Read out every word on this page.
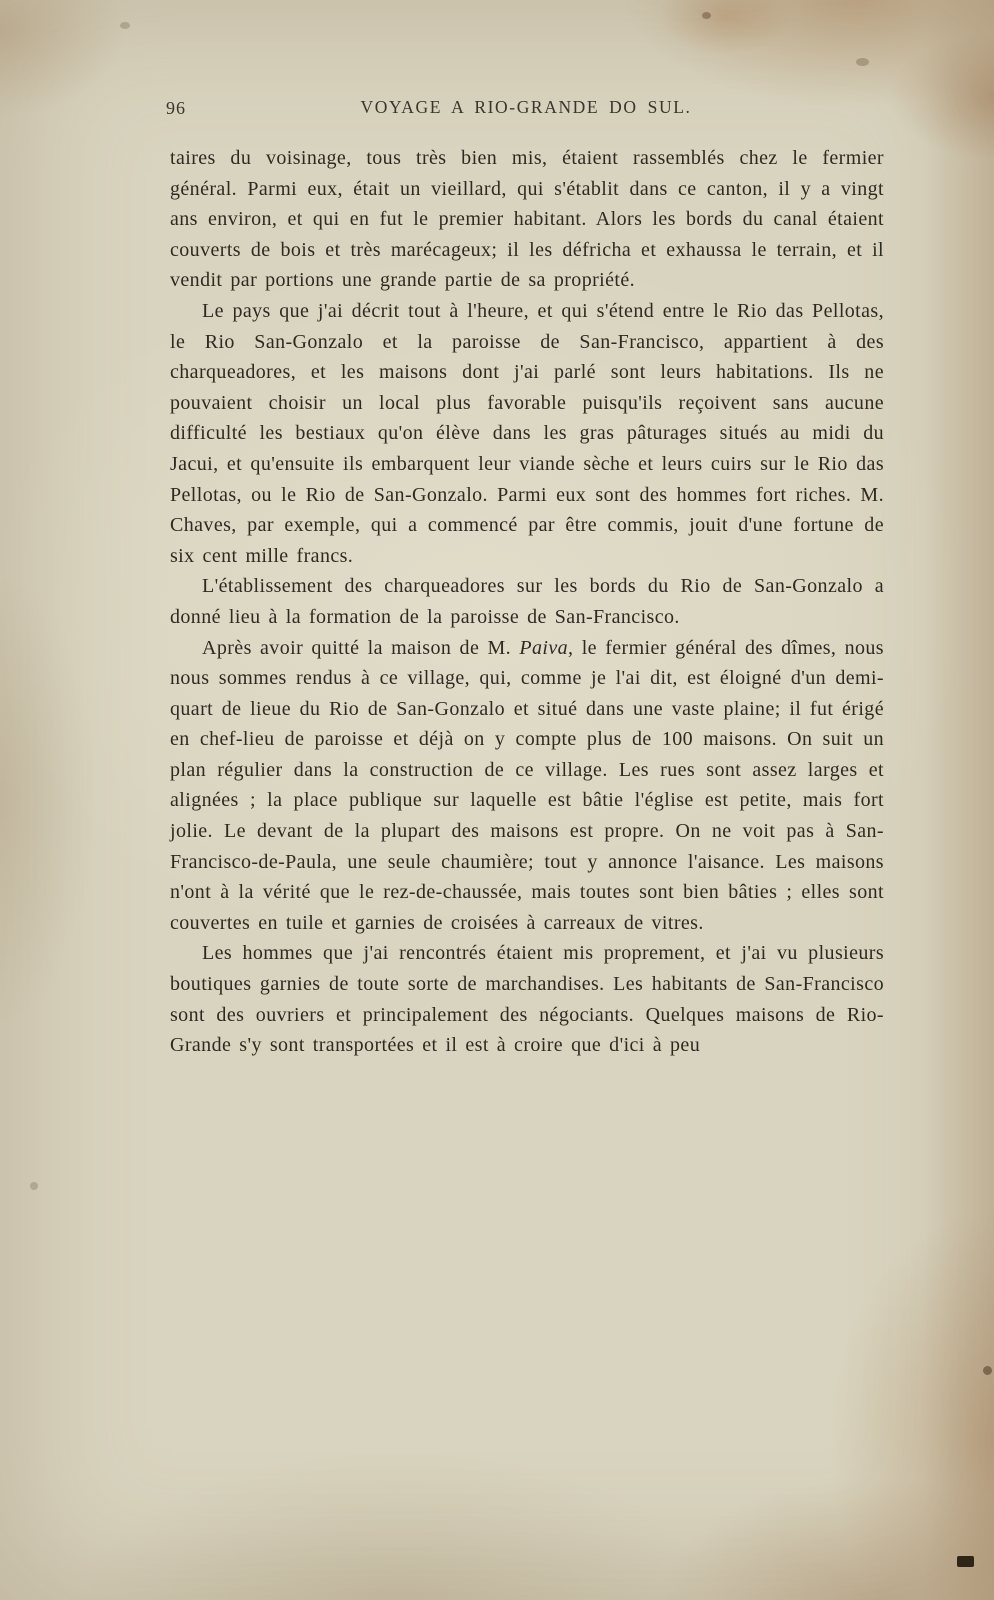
96	VOYAGE A RIO-GRANDE DO SUL.

taires du voisinage, tous très bien mis, étaient rassemblés chez le fermier général. Parmi eux, était un vieillard, qui s'établit dans ce canton, il y a vingt ans environ, et qui en fut le premier habitant. Alors les bords du canal étaient couverts de bois et très marécageux; il les défricha et exhaussa le terrain, et il vendit par portions une grande partie de sa propriété.

Le pays que j'ai décrit tout à l'heure, et qui s'étend entre le Rio das Pellotas, le Rio San-Gonzalo et la paroisse de San-Francisco, appartient à des charqueadores, et les maisons dont j'ai parlé sont leurs habitations. Ils ne pouvaient choisir un local plus favorable puisqu'ils reçoivent sans aucune difficulté les bestiaux qu'on élève dans les gras pâturages situés au midi du Jacui, et qu'ensuite ils embarquent leur viande sèche et leurs cuirs sur le Rio das Pellotas, ou le Rio de San-Gonzalo. Parmi eux sont des hommes fort riches. M. Chaves, par exemple, qui a commencé par être commis, jouit d'une fortune de six cent mille francs.

L'établissement des charqueadores sur les bords du Rio de San-Gonzalo a donné lieu à la formation de la paroisse de San-Francisco.

Après avoir quitté la maison de M. Paiva, le fermier général des dîmes, nous nous sommes rendus à ce village, qui, comme je l'ai dit, est éloigné d'un demi-quart de lieue du Rio de San-Gonzalo et situé dans une vaste plaine; il fut érigé en chef-lieu de paroisse et déjà on y compte plus de 100 maisons. On suit un plan régulier dans la construction de ce village. Les rues sont assez larges et alignées ; la place publique sur laquelle est bâtie l'église est petite, mais fort jolie. Le devant de la plupart des maisons est propre. On ne voit pas à San-Francisco-de-Paula, une seule chaumière; tout y annonce l'aisance. Les maisons n'ont à la vérité que le rez-de-chaussée, mais toutes sont bien bâties ; elles sont couvertes en tuile et garnies de croisées à carreaux de vitres.

Les hommes que j'ai rencontrés étaient mis proprement, et j'ai vu plusieurs boutiques garnies de toute sorte de marchandises. Les habitants de San-Francisco sont des ouvriers et principalement des négociants. Quelques maisons de Rio-Grande s'y sont transportées et il est à croire que d'ici à peu
